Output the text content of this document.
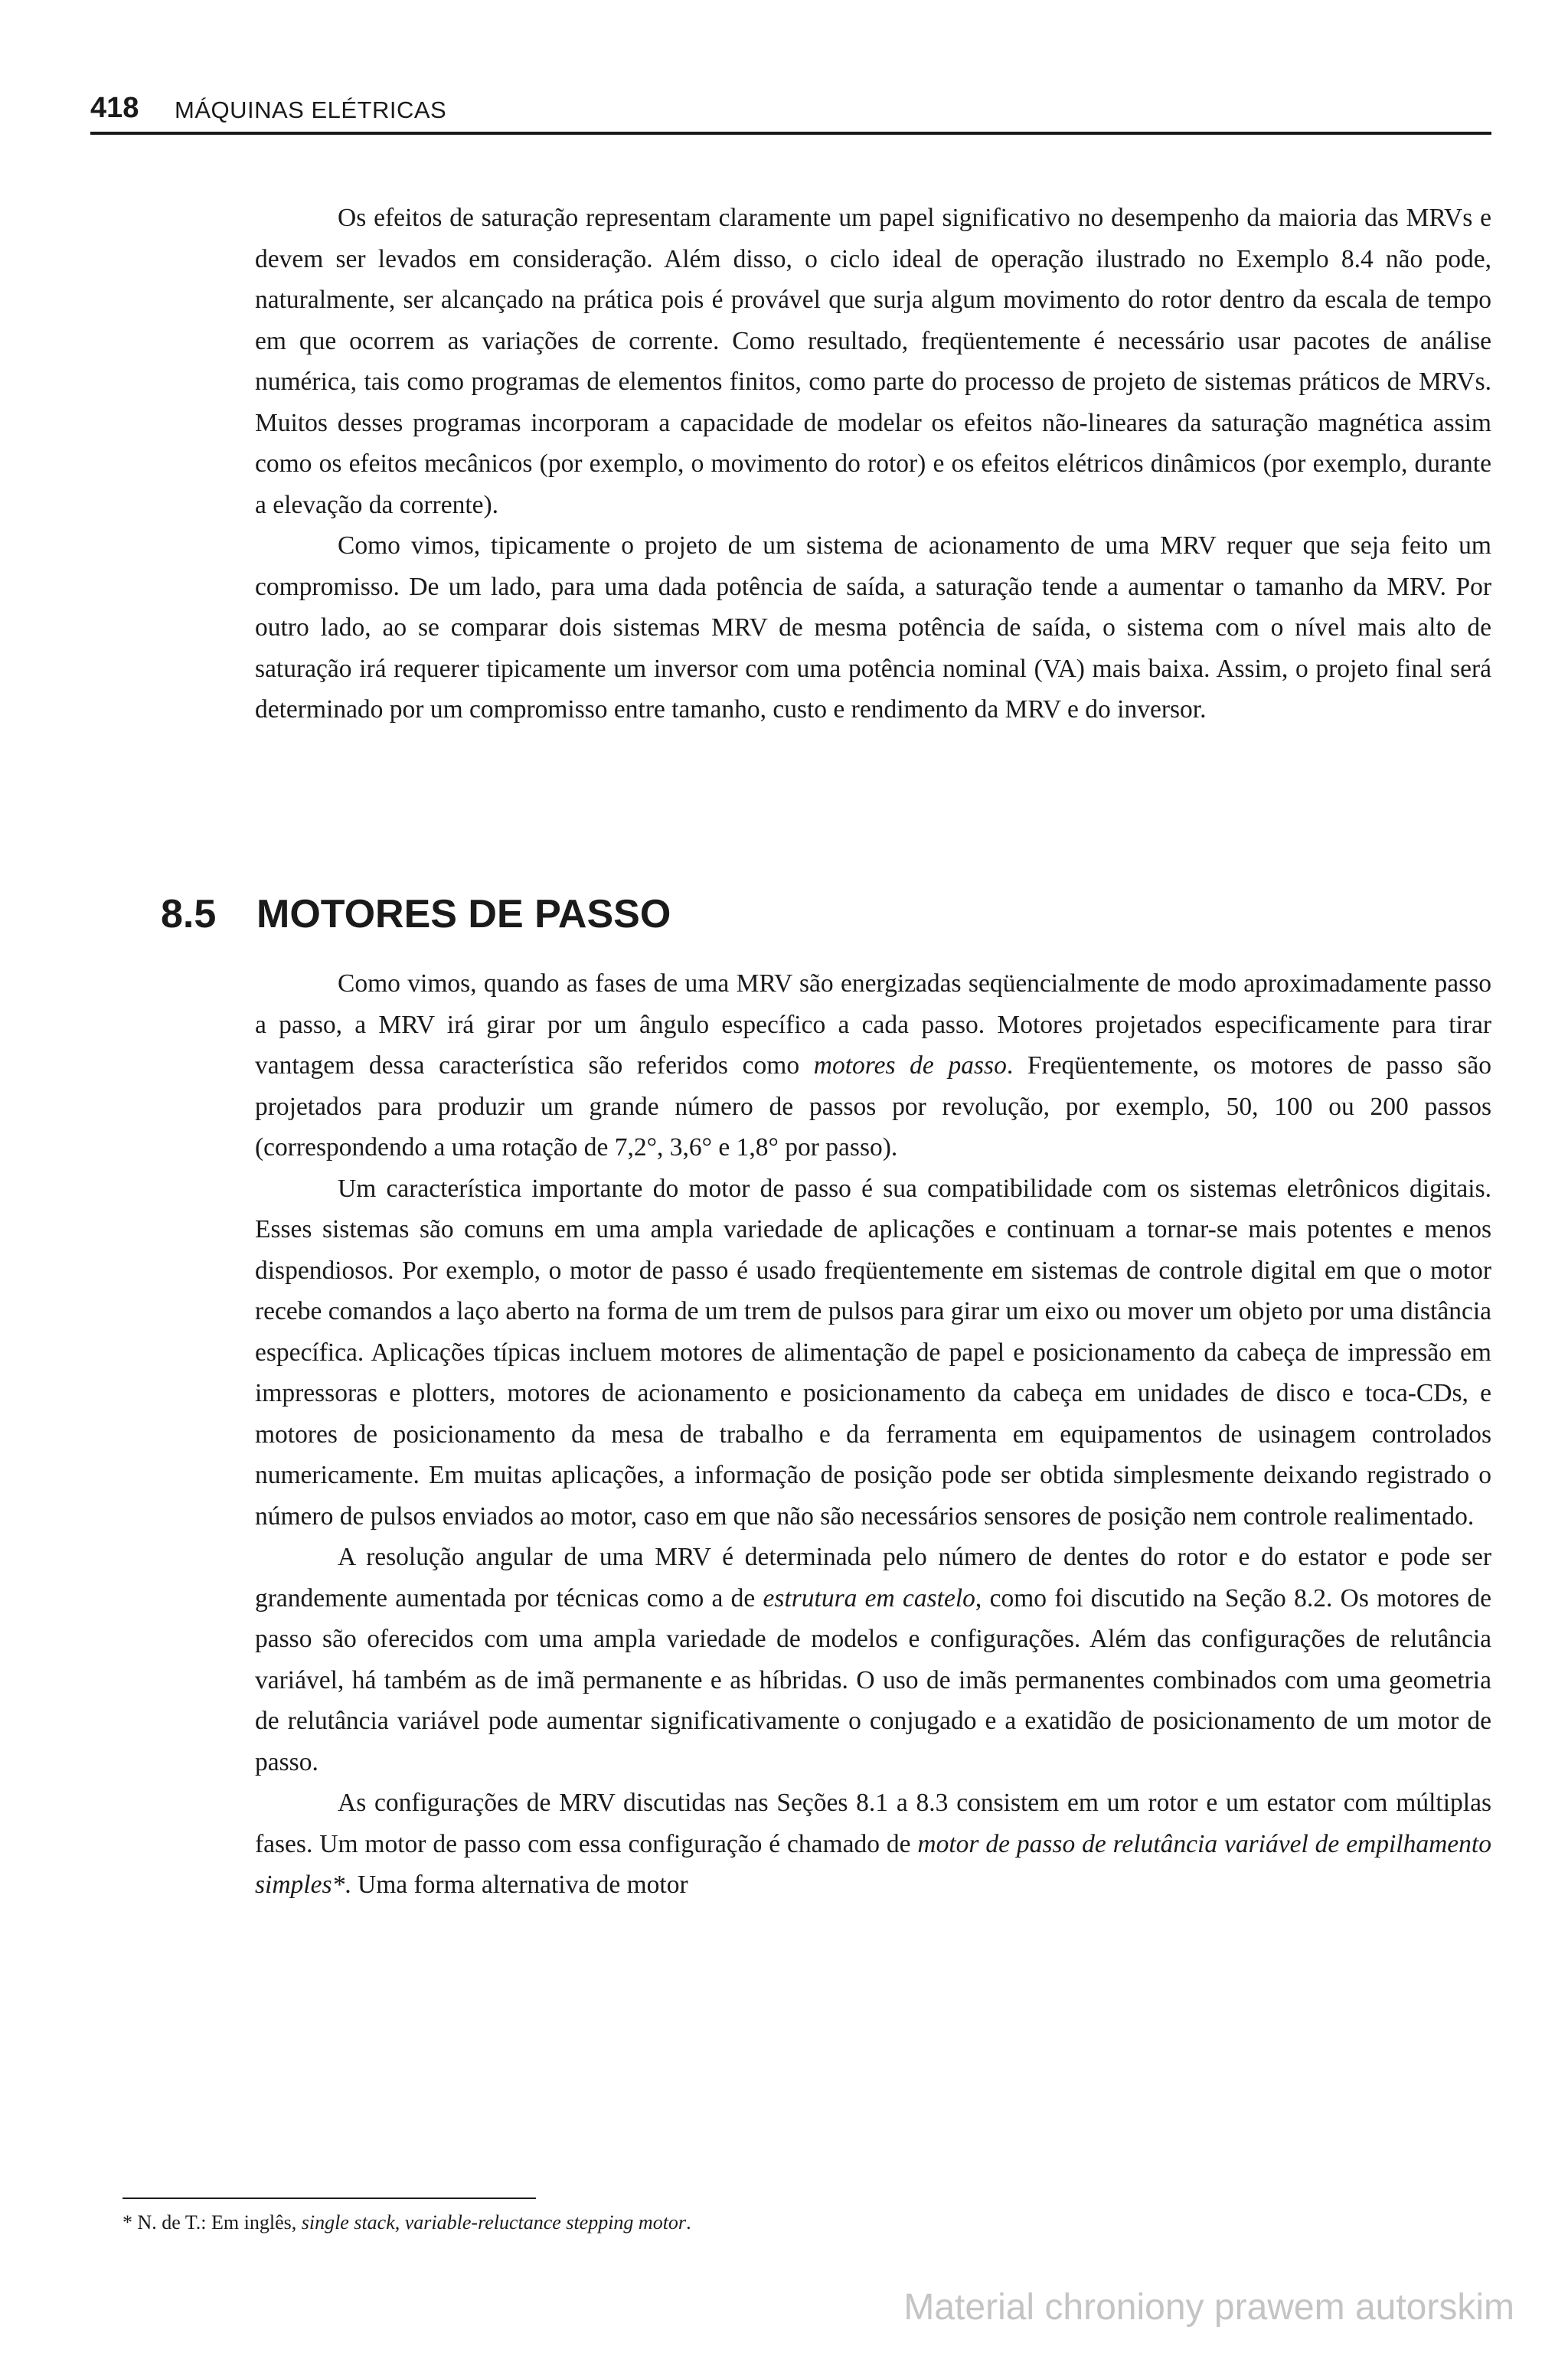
418 MÁQUINAS ELÉTRICAS

Os efeitos de saturação representam claramente um papel significativo no desempenho da maioria das MRVs e devem ser levados em consideração. Além disso, o ciclo ideal de operação ilustrado no Exemplo 8.4 não pode, naturalmente, ser alcançado na prática pois é provável que surja algum movimento do rotor dentro da escala de tempo em que ocorrem as variações de corrente. Como resultado, freqüentemente é necessário usar pacotes de análise numérica, tais como programas de elementos finitos, como parte do processo de projeto de sistemas práticos de MRVs. Muitos desses programas incorporam a capacidade de modelar os efeitos não-lineares da saturação magnética assim como os efeitos mecânicos (por exemplo, o movimento do rotor) e os efeitos elétricos dinâmicos (por exemplo, durante a elevação da corrente).

Como vimos, tipicamente o projeto de um sistema de acionamento de uma MRV requer que seja feito um compromisso. De um lado, para uma dada potência de saída, a saturação tende a aumentar o tamanho da MRV. Por outro lado, ao se comparar dois sistemas MRV de mesma potência de saída, o sistema com o nível mais alto de saturação irá requerer tipicamente um inversor com uma potência nominal (VA) mais baixa. Assim, o projeto final será determinado por um compromisso entre tamanho, custo e rendimento da MRV e do inversor.

8.5 MOTORES DE PASSO

Como vimos, quando as fases de uma MRV são energizadas seqüencialmente de modo aproximadamente passo a passo, a MRV irá girar por um ângulo específico a cada passo. Motores projetados especificamente para tirar vantagem dessa característica são referidos como motores de passo. Freqüentemente, os motores de passo são projetados para produzir um grande número de passos por revolução, por exemplo, 50, 100 ou 200 passos (correspondendo a uma rotação de 7,2°, 3,6° e 1,8° por passo).

Um característica importante do motor de passo é sua compatibilidade com os sistemas eletrônicos digitais. Esses sistemas são comuns em uma ampla variedade de aplicações e continuam a tornar-se mais potentes e menos dispendiosos. Por exemplo, o motor de passo é usado freqüentemente em sistemas de controle digital em que o motor recebe comandos a laço aberto na forma de um trem de pulsos para girar um eixo ou mover um objeto por uma distância específica. Aplicações típicas incluem motores de alimentação de papel e posicionamento da cabeça de impressão em impressoras e plotters, motores de acionamento e posicionamento da cabeça em unidades de disco e toca-CDs, e motores de posicionamento da mesa de trabalho e da ferramenta em equipamentos de usinagem controlados numericamente. Em muitas aplicações, a informação de posição pode ser obtida simplesmente deixando registrado o número de pulsos enviados ao motor, caso em que não são necessários sensores de posição nem controle realimentado.

A resolução angular de uma MRV é determinada pelo número de dentes do rotor e do estator e pode ser grandemente aumentada por técnicas como a de estrutura em castelo, como foi discutido na Seção 8.2. Os motores de passo são oferecidos com uma ampla variedade de modelos e configurações. Além das configurações de relutância variável, há também as de imã permanente e as híbridas. O uso de imãs permanentes combinados com uma geometria de relutância variável pode aumentar significativamente o conjugado e a exatidão de posicionamento de um motor de passo.

As configurações de MRV discutidas nas Seções 8.1 a 8.3 consistem em um rotor e um estator com múltiplas fases. Um motor de passo com essa configuração é chamado de motor de passo de relutância variável de empilhamento simples*. Uma forma alternativa de motor

* N. de T.: Em inglês, single stack, variable-reluctance stepping motor.
Material chroniony prawem autorskim
